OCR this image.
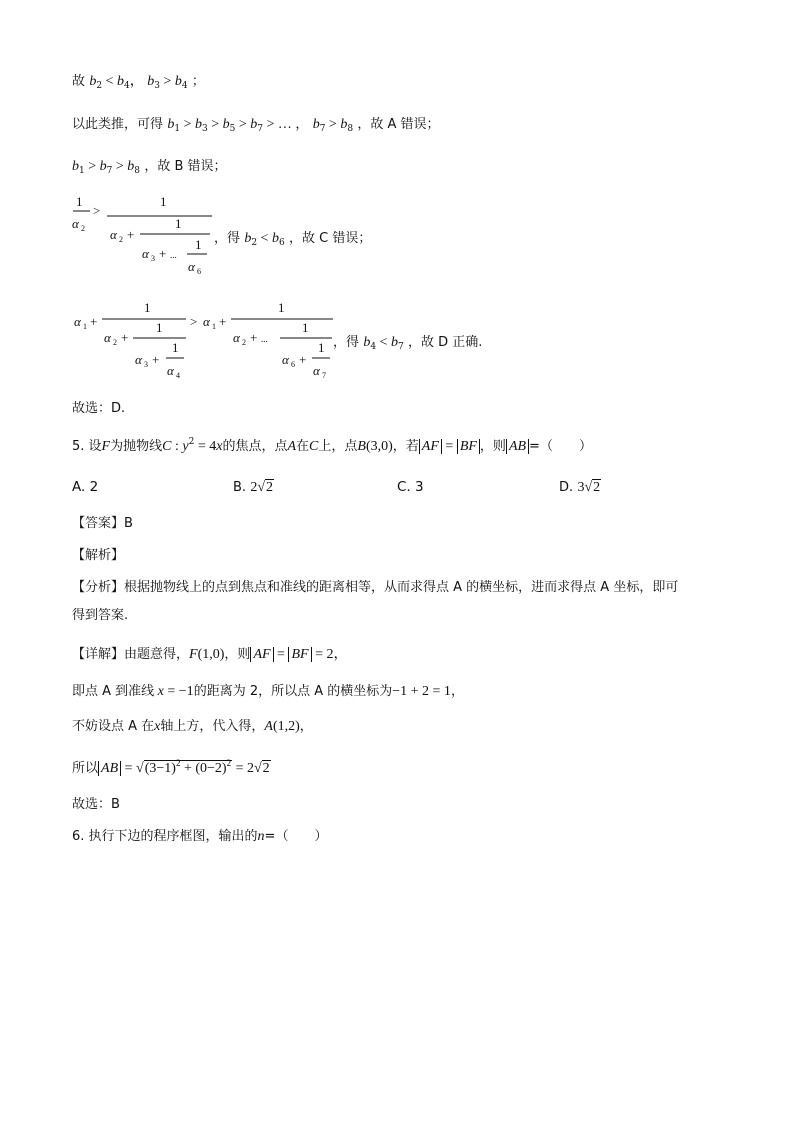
故 $b_2 < b_4$， $b_3 > b_4$ ；
以此类推，可得 $b_1 > b_3 > b_5 > b_7$ > … ， $b_7 > b_8$ ，故 A 错误；
$b_1 > b_7 > b_8$ ，故 B 错误；
1
α 2
>
1
α 2 +
1
α 3 + ...
1
α 6
，得 $b_2 < b_6$ ，故 C 错误；
α 1 +
1
α 2 +
1
α 3 +
1
α 4
> α 1 +
1
α 2 + ...
1
α 6 +
1
α 7
，得 $b_4 < b_7$ ，故 D 正确.
故选：D.
5. 设F为抛物线C : $y^2 = 4x$的焦点，点A在C上，点B(3,0)，若 AF = BF ，则 AB =（　　）
A. 2	B. 2√2	C. 3	D. 3√2
【答案】B
【解析】
【分析】根据抛物线上的点到焦点和准线的距离相等，从而求得点 A 的横坐标，进而求得点 A 坐标，即可
得到答案.
【详解】由题意得，F(1,0)，则 AF = BF = 2，
即点 A 到准线 x = −1的距离为 2，所以点 A 的横坐标为−1 + 2 = 1，
不妨设点 A 在x轴上方，代入得，A(1,2)，
所以 AB = $√(3-1)^2 + (0-2)^2 = 2√2$
故选：B
6. 执行下边的程序框图，输出的n=（　　）
